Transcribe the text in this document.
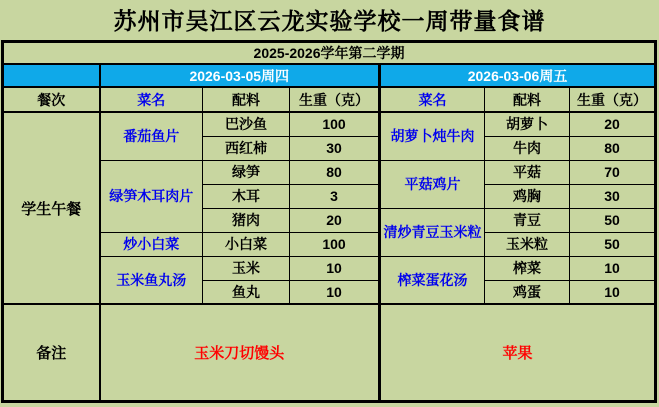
苏州市吴江区云龙实验学校一周带量食谱
2025-2026学年第二学期						
	2026-03-05周四			2026-03-06周五		
餐次	菜名	配料	生重（克）	菜名	配料	生重（克）
学生午餐	番茄鱼片	巴沙鱼	100	胡萝卜炖牛肉	胡萝卜	20
		西红柿	30		牛肉	80
	绿笋木耳肉片	绿笋	80	平菇鸡片	平菇	70
		木耳	3		鸡胸	30
		猪肉	20	清炒青豆玉米粒	青豆	50
	炒小白菜	小白菜	100		玉米粒	50
	玉米鱼丸汤	玉米	10	榨菜蛋花汤	榨菜	10
		鱼丸	10		鸡蛋	10
备注	玉米刀切馒头			苹果		
